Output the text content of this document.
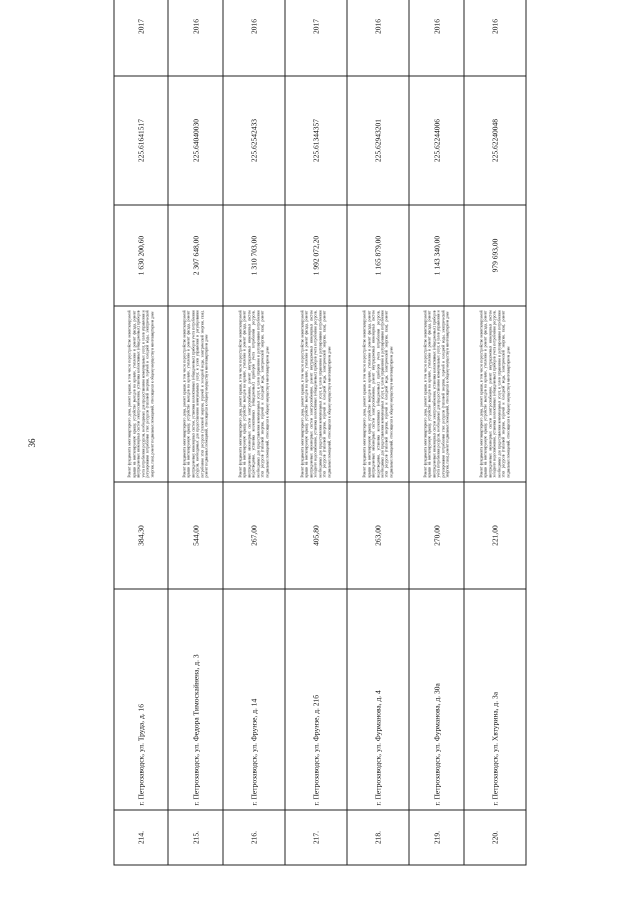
36
214.	г. Петрозаводск, ул. Труда, д. 16	384,30	Ремонт фундамента многоквартирного дома, ремонт крыши, в том числе переустройство невентилируемой крыши на вентилируемую крышу, устройство выходов на кровлю, утепление и ремонт фасада, ремонт внутридомовых инженерных систем электроснабжения, установка коллективных (общедомовых) приборов учета потребления ресурсов, необходимых для предоставления коммунальных услуг, и узлов управления и регулирования потребления этих ресурсов (тепловой энергии, горячей и холодной воды, электрической энергии, газа), ремонт подвальных помещений, относящихся к общему имуществу в многоквартирном доме	1 630 200,60	225.61641517	2017
215.	г. Петрозаводск, ул. Федора Тимоскайнена, д. 3	544,00	Ремонт фундамента многоквартирного дома, ремонт крыши, в том числе переустройство невентилируемой крыши на вентилируемую крышу, устройство выходов на кровлю, утепление и ремонт фасада, ремонт внутридомовых инженерных систем, установка коллективных (общедомовых) приборов учета потребления ресурсов, необходимых для предоставления коммунальных услуг, и узлов управления и регулирования потребления этих ресурсов (тепловой энергии, горячей и холодной воды, электрической энергии, газа), ремонт подвальных помещений, относящихся к общему имуществу в многоквартирном доме	2 307 648,00	225.64040030	2016
216.	г. Петрозаводск, ул. Фрунзе, д. 14	267,00	Ремонт фундамента многоквартирного дома, ремонт крыши, в том числе переустройство невентилируемой крыши на вентилируемую крышу, устройство выходов на кровлю, утепление и ремонт фасада, ремонт внутридомовых инженерных систем электроснабжения, ремонт внутридомовых инженерных систем водоотведения, установка коллективных (общедомовых) приборов учета потребления ресурсов, необходимых для предоставления коммунальных услуг, и узлов управления и регулирования потребления этих ресурсов (тепловой энергии, горячей и холодной воды, электрической энергии, газа), ремонт подвальных помещений, относящихся к общему имуществу в многоквартирном доме	1 310 703,00	225.62542433	2016
217.	г. Петрозаводск, ул. Фрунзе, д. 21б	405,80	Ремонт фундамента многоквартирного дома, ремонт крыши, в том числе переустройство невентилируемой крыши на вентилируемую крышу, устройство выходов на кровлю, утепление и ремонт фасада, ремонт внутридомовых инженерных систем электроснабжения, ремонт внутридомовых инженерных систем холодного водоснабжения, установка коллективных (общедомовых) приборов учета потребления ресурсов, необходимых для предоставления коммунальных услуг, и узлов управления и регулирования потребления этих ресурсов (тепловой энергии, горячей и холодной воды, электрической энергии, газа), ремонт подвальных помещений, относящихся к общему имуществу в многоквартирном доме	1 992 072,20	225.61344357	2017
218.	г. Петрозаводск, ул. Фурманова, д. 4	263,00	Ремонт фундамента многоквартирного дома, ремонт крыши, в том числе переустройство невентилируемой крыши на вентилируемую крышу, устройство выходов на кровлю, утепление и ремонт фасада, ремонт внутридомовых инженерных систем электроснабжения, ремонт внутридомовых инженерных систем водоотведения, установка коллективных (общедомовых) приборов учета потребления ресурсов, необходимых для предоставления коммунальных услуг, и узлов управления и регулирования потребления этих ресурсов (тепловой энергии, горячей и холодной воды, электрической энергии, газа), ремонт подвальных помещений, относящихся к общему имуществу в многоквартирном доме	1 165 879,00	225.62943201	2016
219.	г. Петрозаводск, ул. Фурманова, д. 30а	270,00	Ремонт фундамента многоквартирного дома, ремонт крыши, в том числе переустройство невентилируемой крыши на вентилируемую крышу, устройство выходов на кровлю, утепление и ремонт фасада, ремонт внутридомовых инженерных систем электроснабжения, установка коллективных (общедомовых) приборов учета потребления ресурсов, необходимых для предоставления коммунальных услуг, и узлов управления и регулирования потребления этих ресурсов (тепловой энергии, горячей и холодной воды, электрической энергии, газа), ремонт подвальных помещений, относящихся к общему имуществу в многоквартирном доме	1 143 340,00	225.62244006	2016
220.	г. Петрозаводск, ул. Хвтурина, д. 3а	221,00	Ремонт фундамента многоквартирного дома, ремонт крыши, в том числе переустройство невентилируемой крыши на вентилируемую крышу, устройство выходов на кровлю, утепление и ремонт фасада, ремонт внутридомовых инженерных систем электроснабжения, ремонт внутридомовых инженерных систем холодного водоснабжения, установка коллективных (общедомовых) приборов учета потребления ресурсов, необходимых для предоставления коммунальных услуг, и узлов управления и регулирования потребления этих ресурсов (тепловой энергии, горячей и холодной воды, электрической энергии, газа), ремонт подвальных помещений, относящихся к общему имуществу в многоквартирном доме	979 693,00	225.62240048	2016
